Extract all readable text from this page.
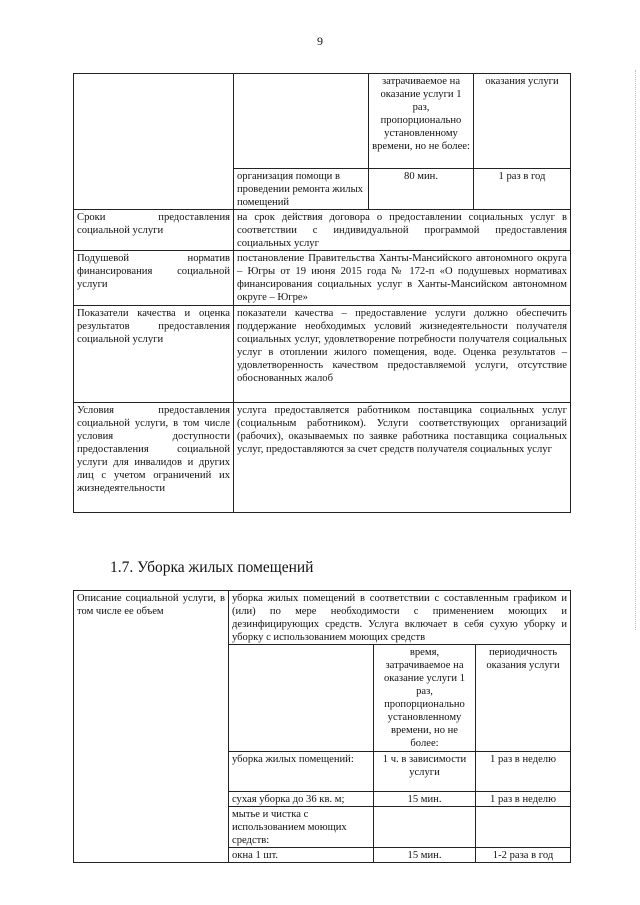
9
		затрачиваемое на оказание услуги 1 раз, пропорционально установленному времени, но не более:	оказания услуги
	организация помощи в проведении ремонта жилых помещений	80 мин.	1 раз в год
Сроки предоставления социальной услуги	на срок действия договора о предоставлении социальных услуг в соответствии с индивидуальной программой предоставления социальных услуг		
Подушевой норматив финансирования социальной услуги	постановление Правительства Ханты-Мансийского автономного округа – Югры от 19 июня 2015 года № 172-п «О подушевых нормативах финансирования социальных услуг в Ханты-Мансийском автономном округе – Югре»		
Показатели качества и оценка результатов предоставления социальной услуги	показатели качества – предоставление услуги должно обеспечить поддержание необходимых условий жизнедеятельности получателя социальных услуг, удовлетворение потребности получателя социальных услуг в отоплении жилого помещения, воде. Оценка результатов – удовлетворенность качеством предоставляемой услуги, отсутствие обоснованных жалоб		
Условия предоставления социальной услуги, в том числе условия доступности предоставления социальной услуги для инвалидов и других лиц с учетом ограничений их жизнедеятельности	услуга предоставляется работником поставщика социальных услуг (социальным работником). Услуги соответствующих организаций (рабочих), оказываемых по заявке работника поставщика социальных услуг, предоставляются за счет средств получателя социальных услуг		
1.7. Уборка жилых помещений
Описание социальной услуги, в том числе ее объем	уборка жилых помещений в соответствии с составленным графиком и (или) по мере необходимости с применением моющих и дезинфицирующих средств. Услуга включает в себя сухую уборку и уборку с использованием моющих средств		
		время, затрачиваемое на оказание услуги 1 раз, пропорционально установленному времени, но не более:	периодичность оказания услуги
	уборка жилых помещений:	1 ч. в зависимости услуги	1 раз в неделю
	сухая уборка до 36 кв. м;	15 мин.	1 раз в неделю
	мытье и чистка с использованием моющих средств:		
	окна 1 шт.	15 мин.	1-2 раза в год
